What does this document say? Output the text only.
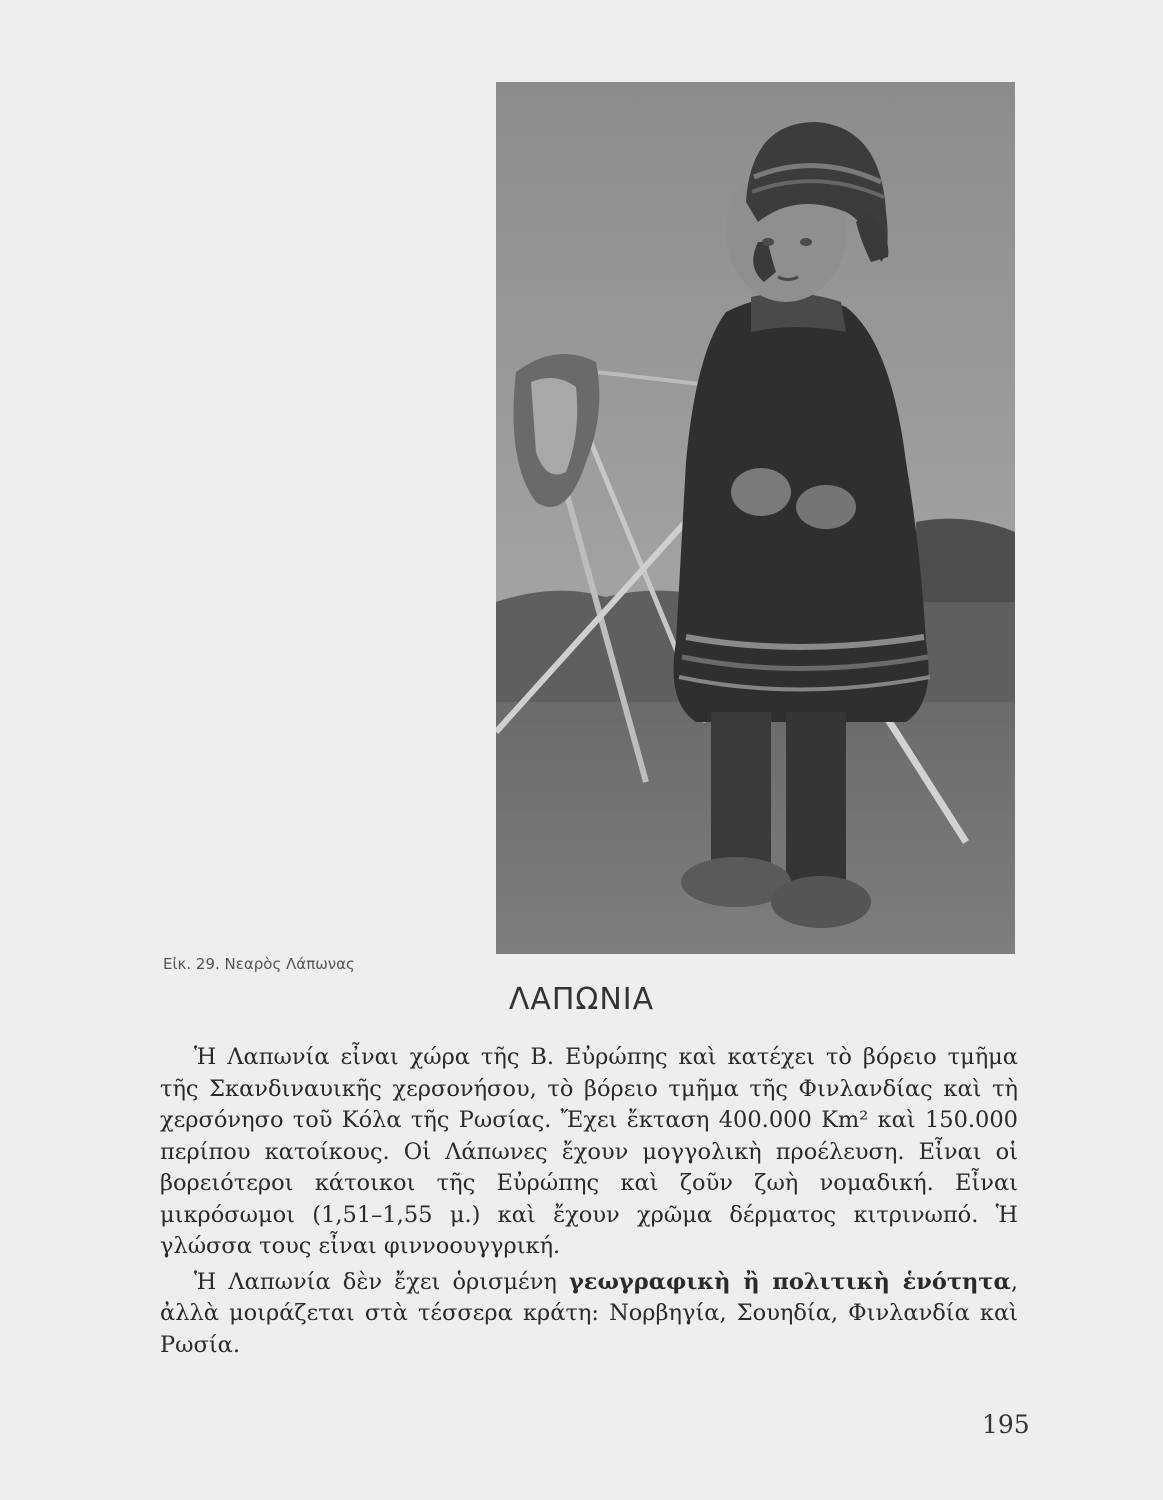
Εἰκ. 29. Νεαρὸς Λάπωνας
ΛΑΠΩΝΙΑ

Ἡ Λαπωνία εἶναι χώρα τῆς Β. Εὐρώπης καὶ κατέχει τὸ βόρειο τμῆμα τῆς Σκανδιναυικῆς χερσονήσου, τὸ βόρειο τμῆμα τῆς Φινλανδίας καὶ τὴ χερσόνησο τοῦ Κόλα τῆς Ρωσίας. Ἔχει ἔκταση 400.000 Km² καὶ 150.000 περίπου κατοίκους. Οἱ Λάπωνες ἔχουν μογγολικὴ προέλευση. Εἶναι οἱ βορειότεροι κάτοικοι τῆς Εὐρώπης καὶ ζοῦν ζωὴ νομαδική. Εἶναι μικρόσωμοι (1,51–1,55 μ.) καὶ ἔχουν χρῶμα δέρματος κιτρινωπό. Ἡ γλώσσα τους εἶναι φιννοουγγρική.

Ἡ Λαπωνία δὲν ἔχει ὁρισμένη γεωγραφικὴ ἢ πολιτικὴ ἑνότητα, ἀλλὰ μοιράζεται στὰ τέσσερα κράτη: Νορβηγία, Σουηδία, Φινλανδία καὶ Ρωσία.

195
